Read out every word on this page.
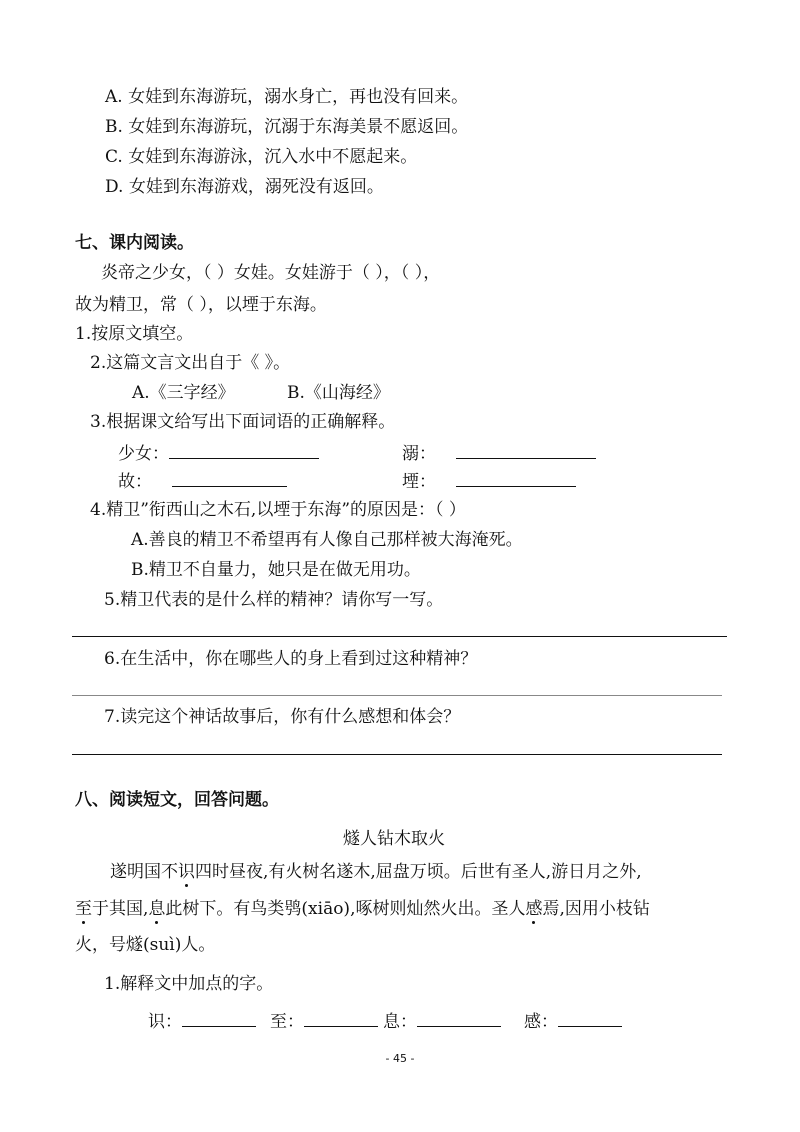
A. 女娃到东海游玩，溺水身亡，再也没有回来。
B. 女娃到东海游玩，沉溺于东海美景不愿返回。
C. 女娃到东海游泳，沉入水中不愿起来。
D. 女娃到东海游戏，溺死没有返回。
七、课内阅读。
炎帝之少女，（ ）女娃。女娃游于（ ），（ ），
故为精卫，常（ ），以堙于东海。
1.按原文填空。
2.这篇文言文出自于《 》。
A.《三字经》	B.《山海经》
3.根据课文给写出下面词语的正确解释。
少女：	溺：
故：	堙：
4.精卫”衔西山之木石,以堙于东海”的原因是：（ ）
A.善良的精卫不希望再有人像自己那样被大海淹死。
B.精卫不自量力，她只是在做无用功。
5.精卫代表的是什么样的精神？请你写一写。
6.在生活中，你在哪些人的身上看到过这种精神？
7.读完这个神话故事后，你有什么感想和体会？
八、阅读短文，回答问题。
燧人钻木取火
遂明国不识四时昼夜,有火树名遂木,屈盘万顷。后世有圣人,游日月之外,
至于其国,息此树下。有鸟类鸮(xiāo),啄树则灿然火出。圣人感焉,因用小枝钻
火，号燧(suì)人。
1.解释文中加点的字。
识：	至：	息：	感：
- 45 -
